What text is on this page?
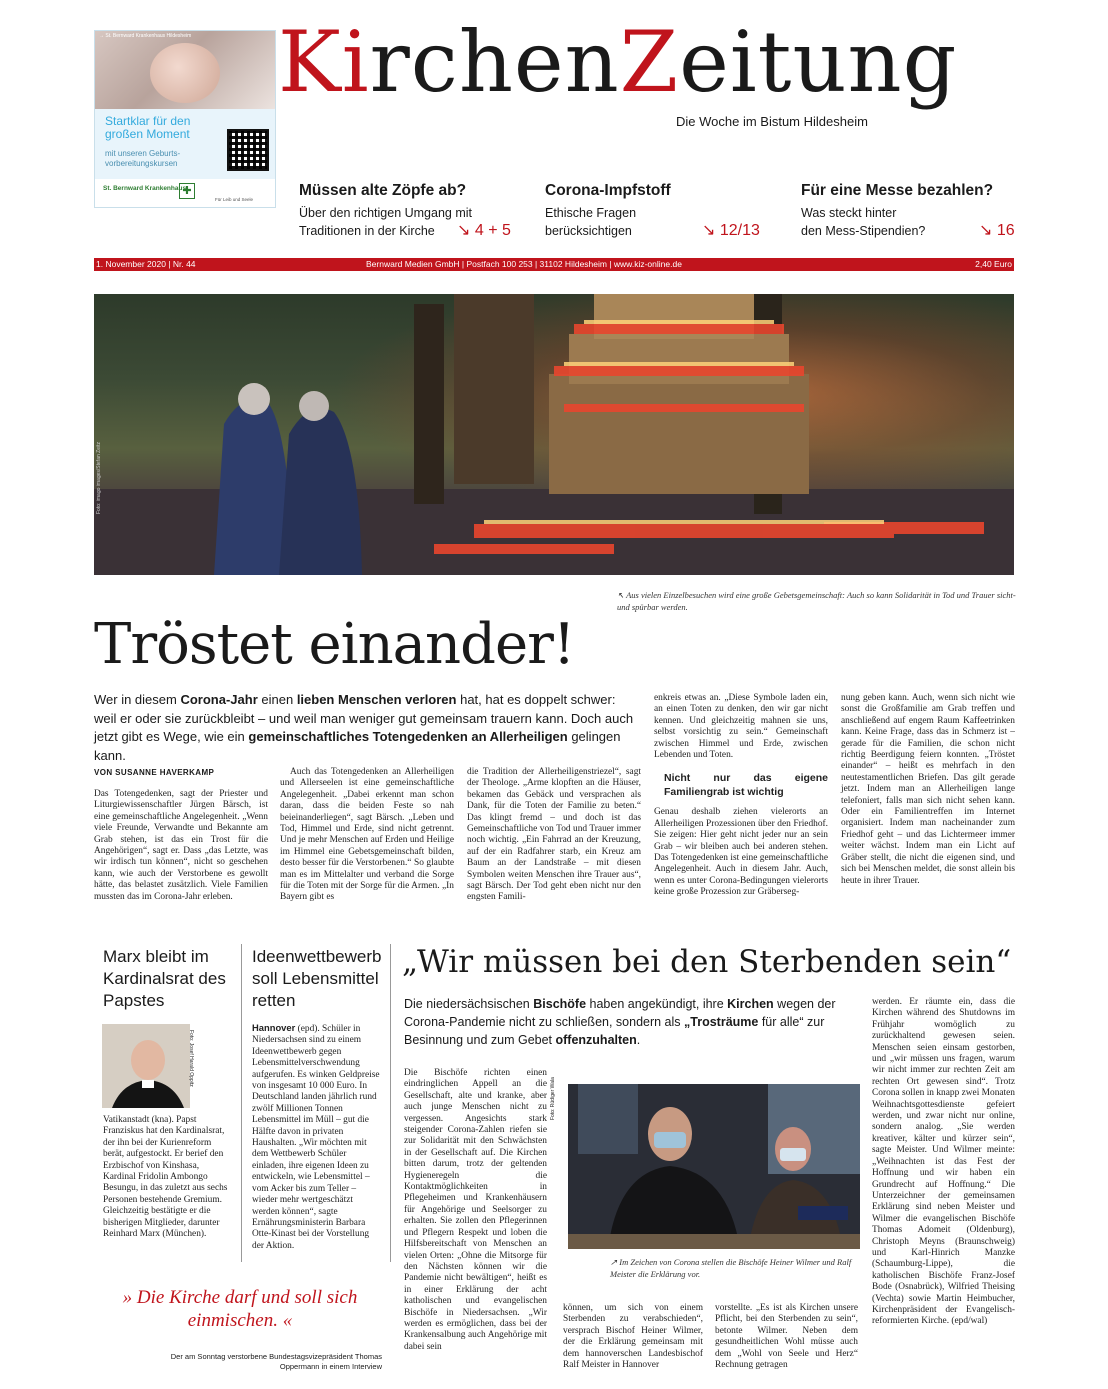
→ St. Bernward Krankenhaus Hildesheim
Startklar für den großen Moment
mit unseren Geburts-vorbereitungskursen
St. Bernward Krankenhaus
✚
Für Leib und Seele
KirchenZeitung
Die Woche im Bistum Hildesheim
Müssen alte Zöpfe ab?
Über den richtigen Umgang mit
Traditionen in der Kirche	↘ 4 + 5
Corona-Impfstoff
Ethische Fragen
berücksichtigen	↘ 12/13
Für eine Messe bezahlen?
Was steckt hinter
den Mess-Stipendien?	↘ 16
1. November 2020 | Nr. 44	Bernward Medien GmbH | Postfach 100 253 | 31102 Hildesheim | www.kiz-online.de	2,40 Euro
Foto: imago images/Stefan Zeitz
↖ Aus vielen Einzelbesuchen wird eine große Gebetsgemeinschaft: Auch so kann Solidarität in Tod und Trauer sicht- und spürbar werden.
Tröstet einander!
Wer in diesem Corona-Jahr einen lieben Menschen verloren hat, hat es doppelt schwer: weil er oder sie zurückbleibt – und weil man weniger gut gemeinsam trauern kann. Doch auch jetzt gibt es Wege, wie ein gemeinschaftliches Totengedenken an Allerheiligen gelingen kann.
VON SUSANNE HAVERKAMP
Das Totengedenken, sagt der Priester und Liturgiewissenschaftler Jürgen Bärsch, ist eine gemeinschaftliche Angelegenheit. „Wenn viele Freunde, Verwandte und Bekannte am Grab stehen, ist das ein Trost für die Angehörigen“, sagt er. Dass „das Letzte, was wir irdisch tun können“, nicht so geschehen kann, wie auch der Verstorbene es gewollt hätte, das belastet zusätzlich. Viele Familien mussten das im Corona-Jahr erleben.
Auch das Totengedenken an Allerheiligen und Allerseelen ist eine gemeinschaftliche Angelegenheit. „Dabei erkennt man schon daran, dass die beiden Feste so nah beieinanderliegen“, sagt Bärsch. „Leben und Tod, Himmel und Erde, sind nicht getrennt. Und je mehr Menschen auf Erden und Heilige im Himmel eine Gebetsgemeinschaft bilden, desto besser für die Verstorbenen.“ So glaubte man es im Mittelalter und verband die Sorge für die Toten mit der Sorge für die Armen. „In Bayern gibt es
die Tradition der Allerheiligenstriezel“, sagt der Theologe. „Arme klopften an die Häuser, bekamen das Gebäck und versprachen als Dank, für die Toten der Familie zu beten.“ Das klingt fremd – und doch ist das Gemeinschaftliche von Tod und Trauer immer noch wichtig. „Ein Fahrrad an der Kreuzung, auf der ein Radfahrer starb, ein Kreuz am Baum an der Landstraße – mit diesen Symbolen weiten Menschen ihre Trauer aus“, sagt Bärsch. Der Tod geht eben nicht nur den engsten Famili-
enkreis etwas an. „Diese Symbole laden ein, an einen Toten zu denken, den wir gar nicht kennen. Und gleichzeitig mahnen sie uns, selbst vorsichtig zu sein.“ Gemeinschaft zwischen Himmel und Erde, zwischen Lebenden und Toten.
Nicht nur das eigene Familiengrab ist wichtig
Genau deshalb ziehen vielerorts an Allerheiligen Prozessionen über den Friedhof. Sie zeigen: Hier geht nicht jeder nur an sein Grab – wir bleiben auch bei anderen stehen. Das Totengedenken ist eine gemeinschaftliche Angelegenheit. Auch in diesem Jahr. Auch, wenn es unter Corona-Bedingungen vielerorts keine große Prozession zur Gräberseg-
nung geben kann. Auch, wenn sich nicht wie sonst die Großfamilie am Grab treffen und anschließend auf engem Raum Kaffeetrinken kann. Keine Frage, dass das in Schmerz ist – gerade für die Familien, die schon nicht richtig Beerdigung feiern konnten. „Tröstet einander“ – heißt es mehrfach in den neutestamentlichen Briefen. Das gilt gerade jetzt. Indem man an Allerheiligen lange telefoniert, falls man sich nicht sehen kann. Oder ein Familientreffen im Internet organisiert. Indem man nacheinander zum Friedhof geht – und das Lichtermeer immer weiter wächst. Indem man ein Licht auf Gräber stellt, die nicht die eigenen sind, und sich bei Menschen meldet, die sonst allein bis heute in ihrer Trauer.
Marx bleibt im Kardinalsrat des Papstes
Foto: Josef Harald Oppitz
Vatikanstadt (kna). Papst Franziskus hat den Kardinalsrat, der ihn bei der Kurienreform berät, aufgestockt. Er berief den Erzbischof von Kinshasa, Kardinal Fridolin Ambongo Besungu, in das zuletzt aus sechs Personen bestehende Gremium. Gleichzeitig bestätigte er die bisherigen Mitglieder, darunter Reinhard Marx (München).
Ideenwettbewerb soll Lebensmittel retten
Hannover (epd). Schüler in Niedersachsen sind zu einem Ideenwettbewerb gegen Lebensmittelverschwendung aufgerufen. Es winken Geldpreise von insgesamt 10 000 Euro. In Deutschland landen jährlich rund zwölf Millionen Tonnen Lebensmittel im Müll – gut die Hälfte davon in privaten Haushalten. „Wir möchten mit dem Wettbewerb Schüler einladen, ihre eigenen Ideen zu entwickeln, wie Lebensmittel – vom Acker bis zum Teller – wieder mehr wertgeschätzt werden können“, sagte Ernährungsministerin Barbara Otte-Kinast bei der Vorstellung der Aktion.
» Die Kirche darf und soll sich einmischen. «
Der am Sonntag verstorbene Bundestagsvizepräsident Thomas Oppermann in einem Interview
„Wir müssen bei den Sterbenden sein“
Die niedersächsischen Bischöfe haben angekündigt, ihre Kirchen wegen der Corona-Pandemie nicht zu schließen, sondern als „Trosträume für alle“ zur Besinnung und zum Gebet offenzuhalten.
Die Bischöfe richten einen eindringlichen Appell an die Gesellschaft, alte und kranke, aber auch junge Menschen nicht zu vergessen. Angesichts stark steigender Corona-Zahlen riefen sie zur Solidarität mit den Schwächsten in der Gesellschaft auf. Die Kirchen bitten darum, trotz der geltenden Hygieneregeln die Kontaktmöglichkeiten in Pflegeheimen und Krankenhäusern für Angehörige und Seelsorger zu erhalten. Sie zollen den Pflegerinnen und Pflegern Respekt und loben die Hilfsbereitschaft von Menschen an vielen Orten: „Ohne die Mitsorge für den Nächsten können wir die Pandemie nicht bewältigen“, heißt es in einer Erklärung der acht katholischen und evangelischen Bischöfe in Niedersachsen. „Wir werden es ermöglichen, dass bei der Krankensalbung auch Angehörige mit dabei sein
Foto: Rüdiger Wala
↗ Im Zeichen von Corona stellen die Bischöfe Heiner Wilmer und Ralf Meister die Erklärung vor.
können, um sich von einem Sterbenden zu verabschieden“, versprach Bischof Heiner Wilmer, der die Erklärung gemeinsam mit dem hannoverschen Landesbischof Ralf Meister in Hannover
vorstellte. „Es ist als Kirchen unsere Pflicht, bei den Sterbenden zu sein“, betonte Wilmer. Neben dem gesundheitlichen Wohl müsse auch dem „Wohl von Seele und Herz“ Rechnung getragen
werden. Er räumte ein, dass die Kirchen während des Shutdowns im Frühjahr womöglich zu zurückhaltend gewesen seien. Menschen seien einsam gestorben, und „wir müssen uns fragen, warum wir nicht immer zur rechten Zeit am rechten Ort gewesen sind“. Trotz Corona sollen in knapp zwei Monaten Weihnachtsgottesdienste gefeiert werden, und zwar nicht nur online, sondern analog. „Sie werden kreativer, kälter und kürzer sein“, sagte Meister. Und Wilmer meinte: „Weihnachten ist das Fest der Hoffnung und wir haben ein Grundrecht auf Hoffnung.“ Die Unterzeichner der gemeinsamen Erklärung sind neben Meister und Wilmer die evangelischen Bischöfe Thomas Adomeit (Oldenburg), Christoph Meyns (Braunschweig) und Karl-Hinrich Manzke (Schaumburg-Lippe), die katholischen Bischöfe Franz-Josef Bode (Osnabrück), Wilfried Theising (Vechta) sowie Martin Heimbucher, Kirchenpräsident der Evangelisch-reformierten Kirche. (epd/wal)
